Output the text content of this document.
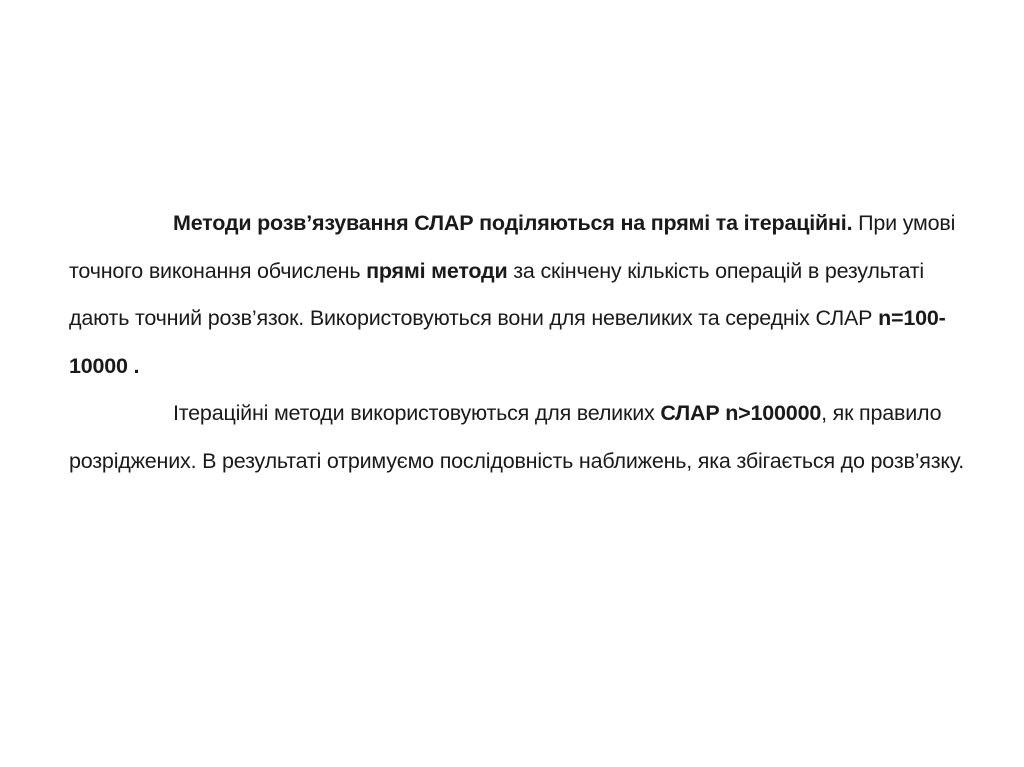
Методи розв’язування СЛАР поділяються на прямі та ітераційні. При умові точного виконання обчислень прямі методи за скінчену кількість операцій в результаті дають точний розв’язок. Використовуються вони для невеликих та середніх СЛАР n=100-10000 .

Ітераційні методи використовуються для великих СЛАР n>100000, як правило розріджених. В результаті отримуємо послідовність наближень, яка збігається до розв’язку.
